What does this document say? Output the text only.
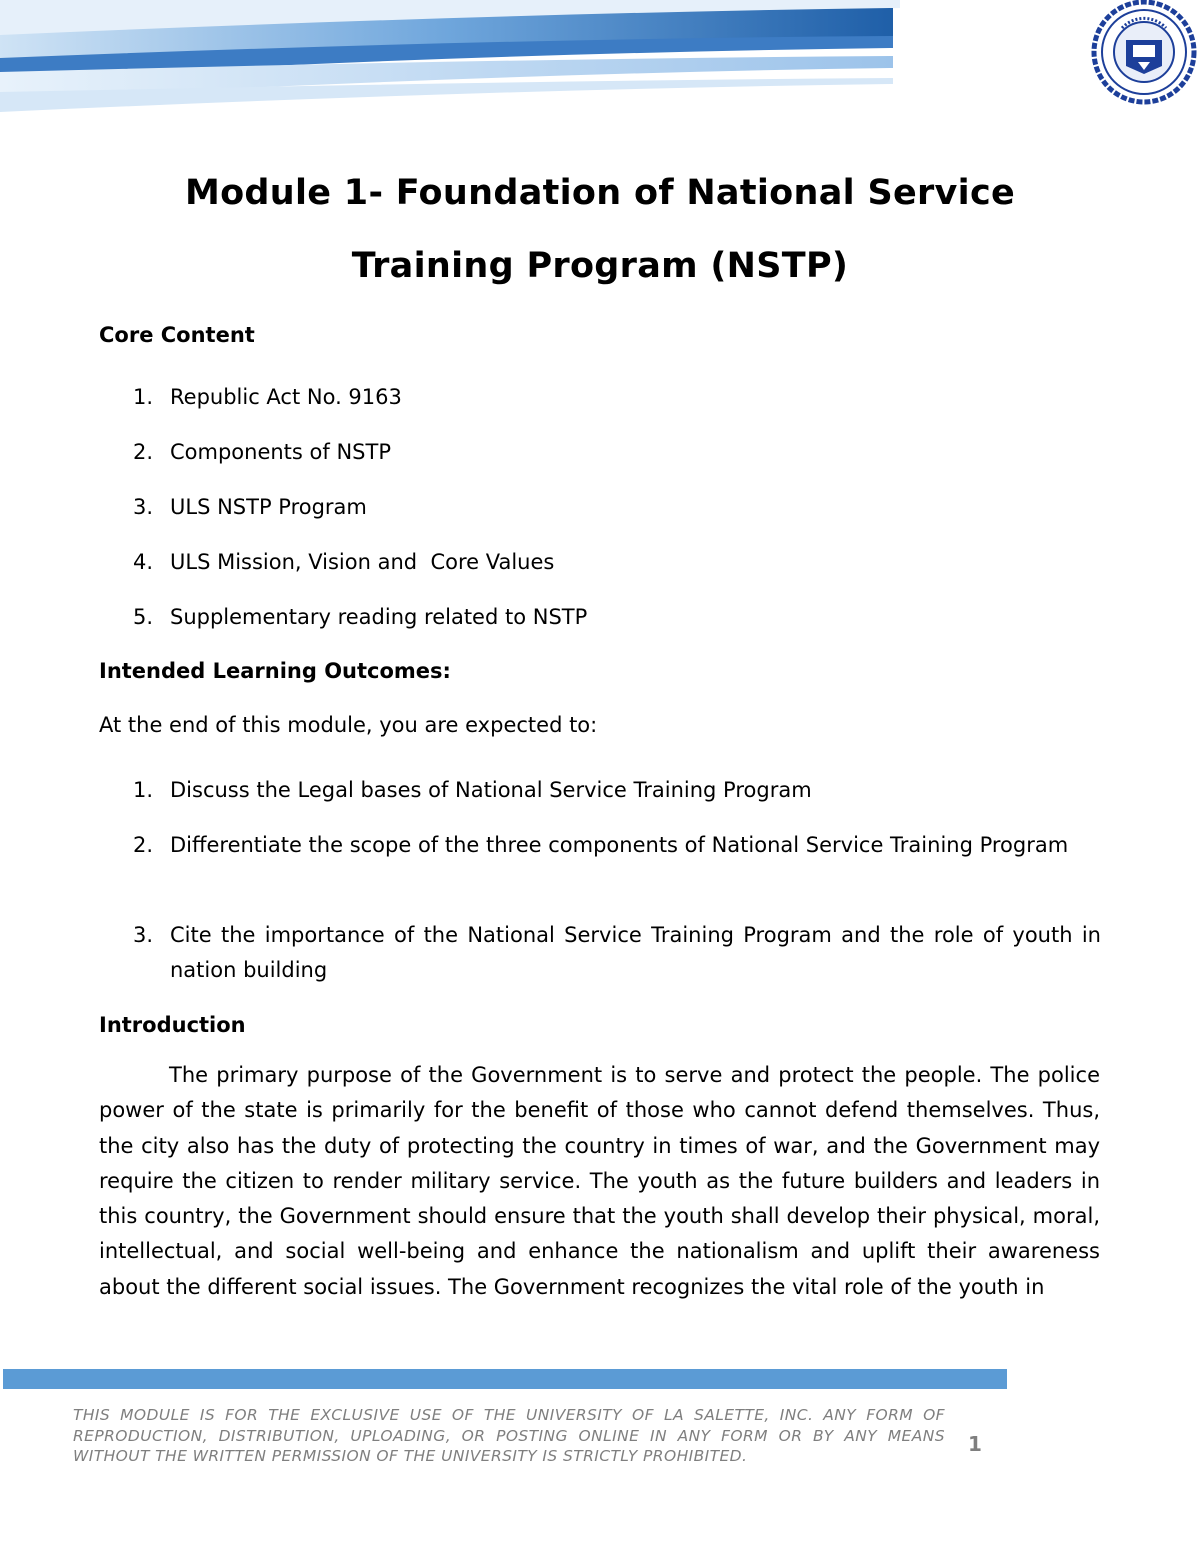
Module 1- Foundation of National Service
Training Program (NSTP)
Core Content
1. Republic Act No. 9163
2. Components of NSTP
3. ULS NSTP Program
4. ULS Mission, Vision and  Core Values
5. Supplementary reading related to NSTP
Intended Learning Outcomes:
At the end of this module, you are expected to:
1. Discuss the Legal bases of National Service Training Program
2. Differentiate the scope of the three components of National Service Training Program
3. Cite the importance of the National Service Training Program and the role of youth in nation building
Introduction
The primary purpose of the Government is to serve and protect the people. The police power of the state is primarily for the benefit of those who cannot defend themselves. Thus, the city also has the duty of protecting the country in times of war, and the Government may require the citizen to render military service. The youth as the future builders and leaders in this country, the Government should ensure that the youth shall develop their physical, moral, intellectual, and social well-being and enhance the nationalism and uplift their awareness about the different social issues. The Government recognizes the vital role of the youth in
THIS MODULE IS FOR THE EXCLUSIVE USE OF THE UNIVERSITY OF LA SALETTE, INC. ANY FORM OF REPRODUCTION, DISTRIBUTION, UPLOADING, OR POSTING ONLINE IN ANY FORM OR BY ANY MEANS WITHOUT THE WRITTEN PERMISSION OF THE UNIVERSITY IS STRICTLY PROHIBITED.	1
